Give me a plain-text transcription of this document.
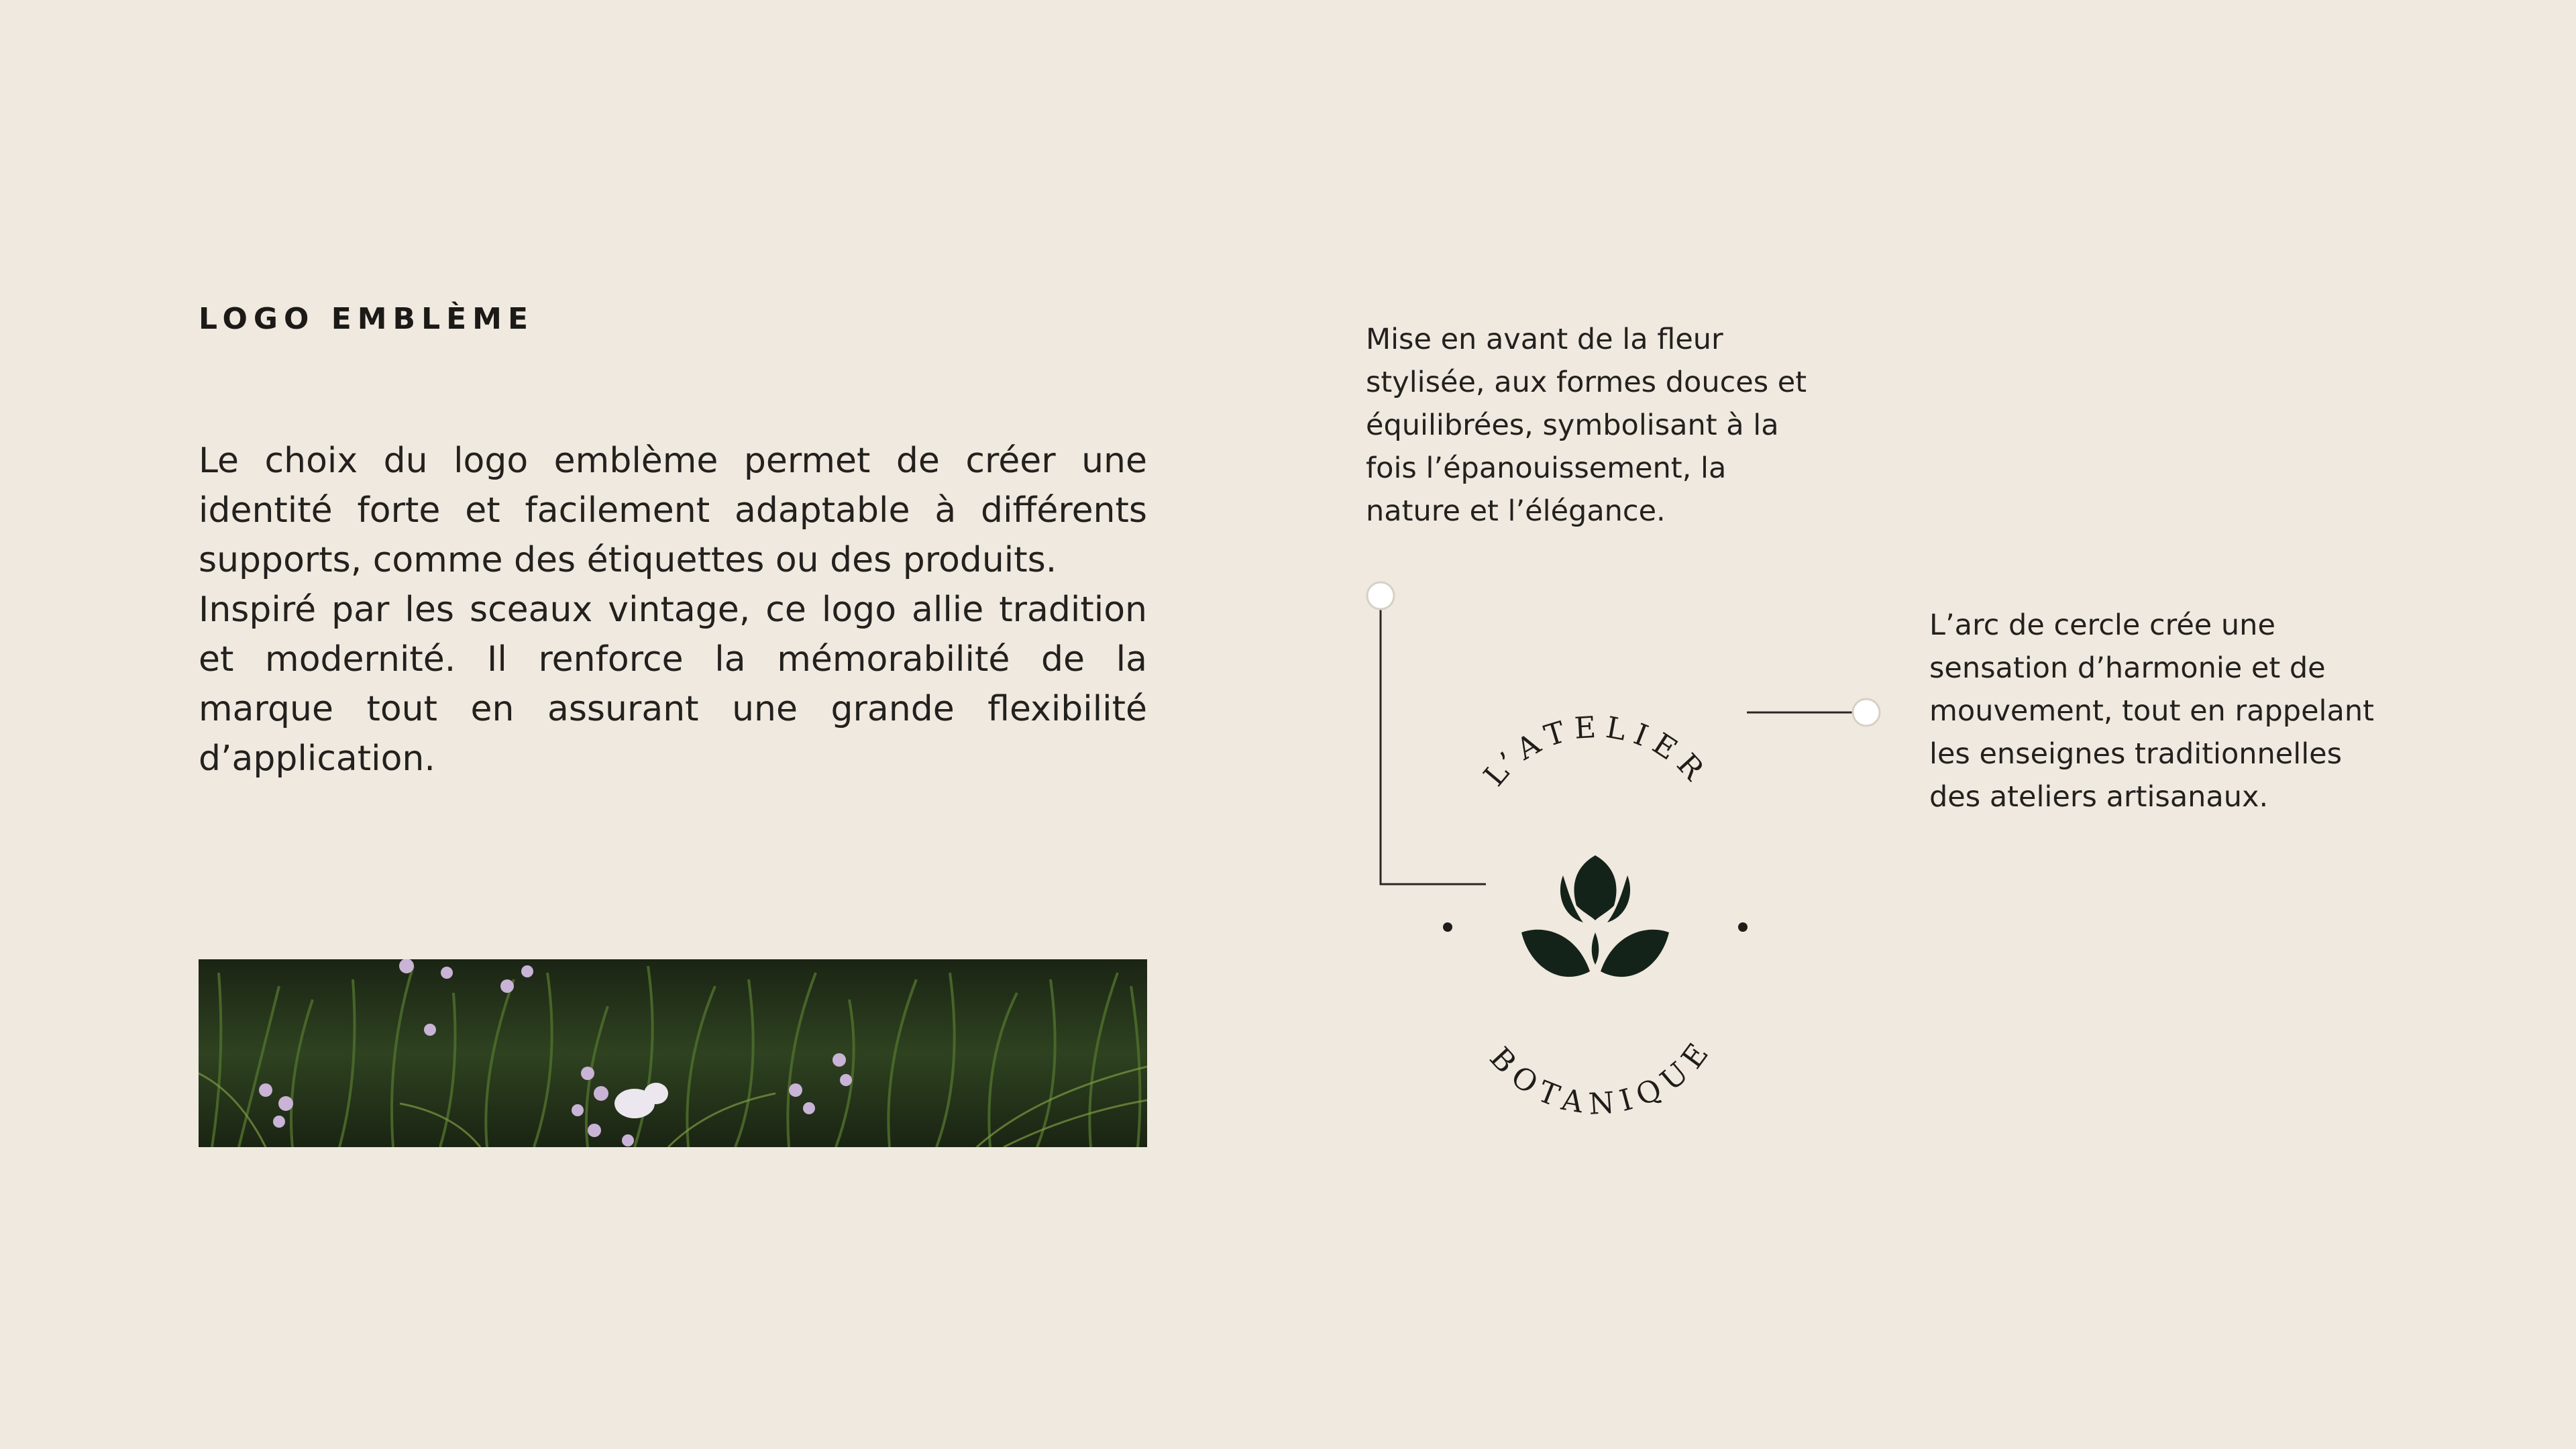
LOGO EMBLÈME

Le choix du logo emblème permet de créer une identité forte et facilement adaptable à différents supports, comme des étiquettes ou des produits.

Inspiré par les sceaux vintage, ce logo allie tradition et modernité. Il renforce la mémorabilité de la marque tout en assurant une grande flexibilité d’application.

Mise en avant de la fleur stylisée, aux formes douces et équilibrées, symbolisant à la fois l’épanouissement, la nature et l’élégance.

L’arc de cercle crée une sensation d’harmonie et de mouvement, tout en rappelant les enseignes traditionnelles des ateliers artisanaux.

L’ATELIER
BOTANIQUE
